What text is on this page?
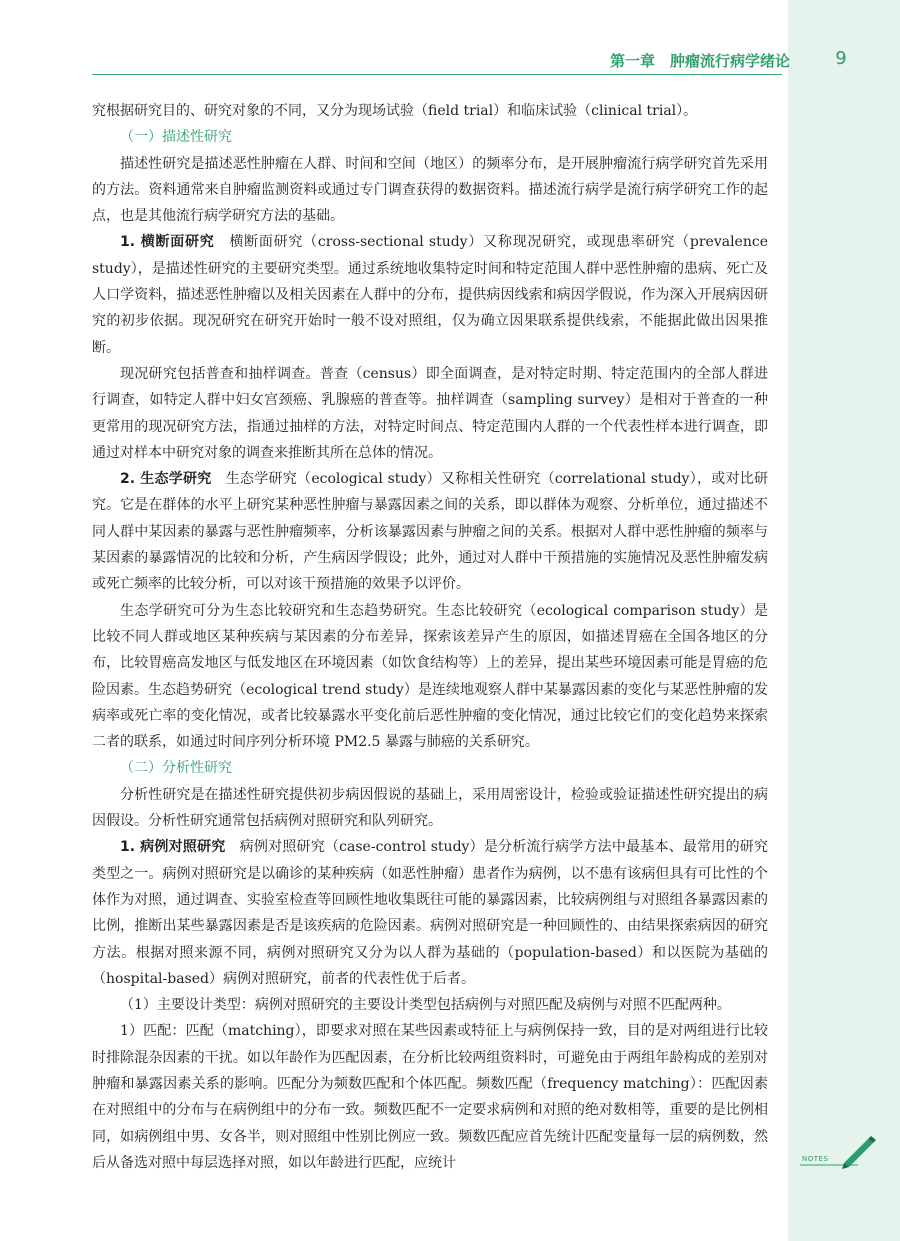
第一章　肿瘤流行病学绪论	9

究根据研究目的、研究对象的不同，又分为现场试验（field trial）和临床试验（clinical trial）。

（一）描述性研究

描述性研究是描述恶性肿瘤在人群、时间和空间（地区）的频率分布，是开展肿瘤流行病学研究首先采用的方法。资料通常来自肿瘤监测资料或通过专门调查获得的数据资料。描述流行病学是流行病学研究工作的起点，也是其他流行病学研究方法的基础。

1. 横断面研究　横断面研究（cross-sectional study）又称现况研究，或现患率研究（prevalence study），是描述性研究的主要研究类型。通过系统地收集特定时间和特定范围人群中恶性肿瘤的患病、死亡及人口学资料，描述恶性肿瘤以及相关因素在人群中的分布，提供病因线索和病因学假说，作为深入开展病因研究的初步依据。现况研究在研究开始时一般不设对照组，仅为确立因果联系提供线索，不能据此做出因果推断。

现况研究包括普查和抽样调查。普查（census）即全面调查，是对特定时期、特定范围内的全部人群进行调查，如特定人群中妇女宫颈癌、乳腺癌的普查等。抽样调查（sampling survey）是相对于普查的一种更常用的现况研究方法，指通过抽样的方法，对特定时间点、特定范围内人群的一个代表性样本进行调查，即通过对样本中研究对象的调查来推断其所在总体的情况。

2. 生态学研究　生态学研究（ecological study）又称相关性研究（correlational study），或对比研究。它是在群体的水平上研究某种恶性肿瘤与暴露因素之间的关系，即以群体为观察、分析单位，通过描述不同人群中某因素的暴露与恶性肿瘤频率，分析该暴露因素与肿瘤之间的关系。根据对人群中恶性肿瘤的频率与某因素的暴露情况的比较和分析，产生病因学假设；此外，通过对人群中干预措施的实施情况及恶性肿瘤发病或死亡频率的比较分析，可以对该干预措施的效果予以评价。

生态学研究可分为生态比较研究和生态趋势研究。生态比较研究（ecological comparison study）是比较不同人群或地区某种疾病与某因素的分布差异，探索该差异产生的原因，如描述胃癌在全国各地区的分布，比较胃癌高发地区与低发地区在环境因素（如饮食结构等）上的差异，提出某些环境因素可能是胃癌的危险因素。生态趋势研究（ecological trend study）是连续地观察人群中某暴露因素的变化与某恶性肿瘤的发病率或死亡率的变化情况，或者比较暴露水平变化前后恶性肿瘤的变化情况，通过比较它们的变化趋势来探索二者的联系，如通过时间序列分析环境 PM2.5 暴露与肺癌的关系研究。

（二）分析性研究

分析性研究是在描述性研究提供初步病因假说的基础上，采用周密设计，检验或验证描述性研究提出的病因假设。分析性研究通常包括病例对照研究和队列研究。

1. 病例对照研究　病例对照研究（case-control study）是分析流行病学方法中最基本、最常用的研究类型之一。病例对照研究是以确诊的某种疾病（如恶性肿瘤）患者作为病例，以不患有该病但具有可比性的个体作为对照，通过调查、实验室检查等回顾性地收集既往可能的暴露因素，比较病例组与对照组各暴露因素的比例，推断出某些暴露因素是否是该疾病的危险因素。病例对照研究是一种回顾性的、由结果探索病因的研究方法。根据对照来源不同，病例对照研究又分为以人群为基础的（population-based）和以医院为基础的（hospital-based）病例对照研究，前者的代表性优于后者。

（1）主要设计类型：病例对照研究的主要设计类型包括病例与对照匹配及病例与对照不匹配两种。

1）匹配：匹配（matching），即要求对照在某些因素或特征上与病例保持一致，目的是对两组进行比较时排除混杂因素的干扰。如以年龄作为匹配因素，在分析比较两组资料时，可避免由于两组年龄构成的差别对肿瘤和暴露因素关系的影响。匹配分为频数匹配和个体匹配。频数匹配（frequency matching）：匹配因素在对照组中的分布与在病例组中的分布一致。频数匹配不一定要求病例和对照的绝对数相等，重要的是比例相同，如病例组中男、女各半，则对照组中性别比例应一致。频数匹配应首先统计匹配变量每一层的病例数，然后从备选对照中每层选择对照，如以年龄进行匹配，应统计	NOTES
